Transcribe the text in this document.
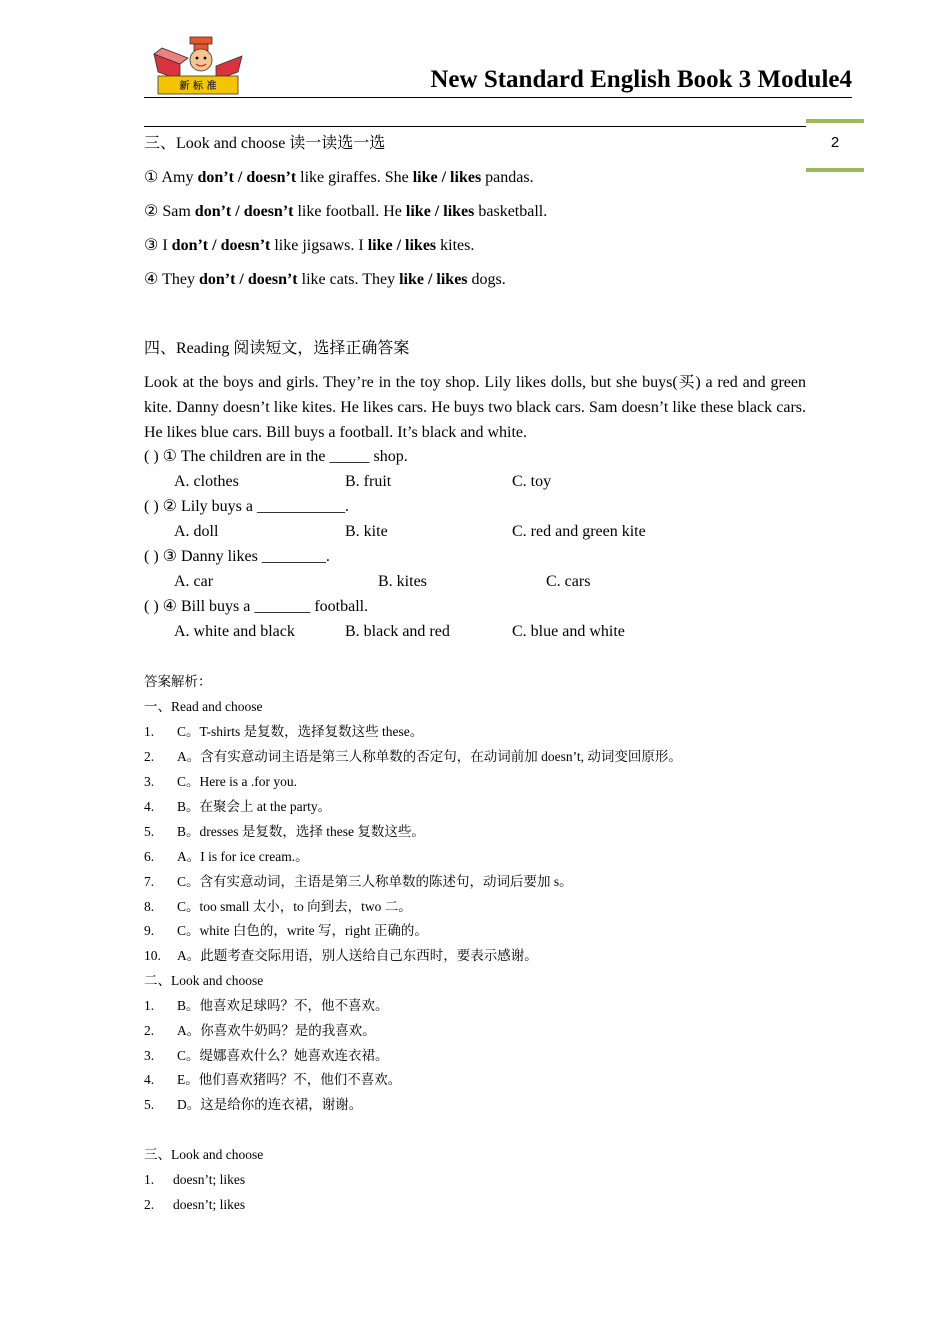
新 标 准	New Standard English Book 3 Module4
2
三、Look and choose 读一读选一选
① Amy don’t / doesn’t like giraffes. She like / likes pandas.
② Sam don’t / doesn’t like football. He like / likes basketball.
③ I don’t / doesn’t like jigsaws. I like / likes kites.
④ They don’t / doesn’t like cats. They like / likes dogs.
四、Reading 阅读短文，选择正确答案
Look at the boys and girls. They’re in the toy shop. Lily likes dolls, but she buys(买) a red and green kite. Danny doesn’t like kites. He likes cars. He buys two black cars. Sam doesn’t like these black cars. He likes blue cars. Bill buys a football. It’s black and white.
( ) ① The children are in the _____ shop.
A. clothes	B. fruit	C. toy
( ) ② Lily buys a ___________.
A. doll	B. kite	C. red and green kite
( ) ③ Danny likes ________.
A. car	B. kites	C. cars
( ) ④ Bill buys a _______ football.
A. white and black	B. black and red	C. blue and white
答案解析：
一、Read and choose
1. C。T-shirts 是复数，选择复数这些 these。
2. A。含有实意动词主语是第三人称单数的否定句，在动词前加 doesn’t, 动词变回原形。
3. C。Here is a .for you.
4. B。在聚会上 at the party。
5. B。dresses 是复数，选择 these 复数这些。
6. A。I is for ice cream.。
7. C。含有实意动词，主语是第三人称单数的陈述句，动词后要加 s。
8. C。too small 太小，to 向到去，two 二。
9. C。white 白色的，write 写，right 正确的。
10. A。此题考查交际用语，别人送给自己东西时，要表示感谢。
二、Look and choose
1. B。他喜欢足球吗？不，他不喜欢。
2. A。你喜欢牛奶吗？是的我喜欢。
3. C。缇娜喜欢什么？她喜欢连衣裙。
4. E。他们喜欢猪吗？不，他们不喜欢。
5. D。这是给你的连衣裙，谢谢。
三、Look and choose
1. doesn’t; likes
2. doesn’t; likes
